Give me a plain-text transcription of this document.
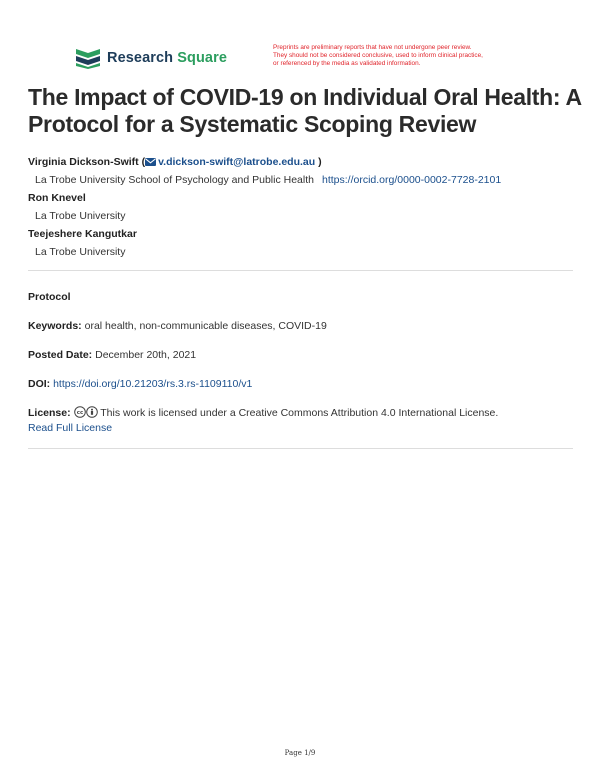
Research Square
Preprints are preliminary reports that have not undergone peer review.
They should not be considered conclusive, used to inform clinical practice,
or referenced by the media as validated information.
The Impact of COVID-19 on Individual Oral Health: A Protocol for a Systematic Scoping Review
Virginia Dickson-Swift ( v.dickson-swift@latrobe.edu.au )
La Trobe University School of Psychology and Public Health https://orcid.org/0000-0002-7728-2101
Ron Knevel
La Trobe University
Teejeshere Kangutkar
La Trobe University
Protocol
Keywords: oral health, non-communicable diseases, COVID-19
Posted Date: December 20th, 2021
DOI: https://doi.org/10.21203/rs.3.rs-1109110/v1
License: cc This work is licensed under a Creative Commons Attribution 4.0 International License.
Read Full License
Page 1/9
